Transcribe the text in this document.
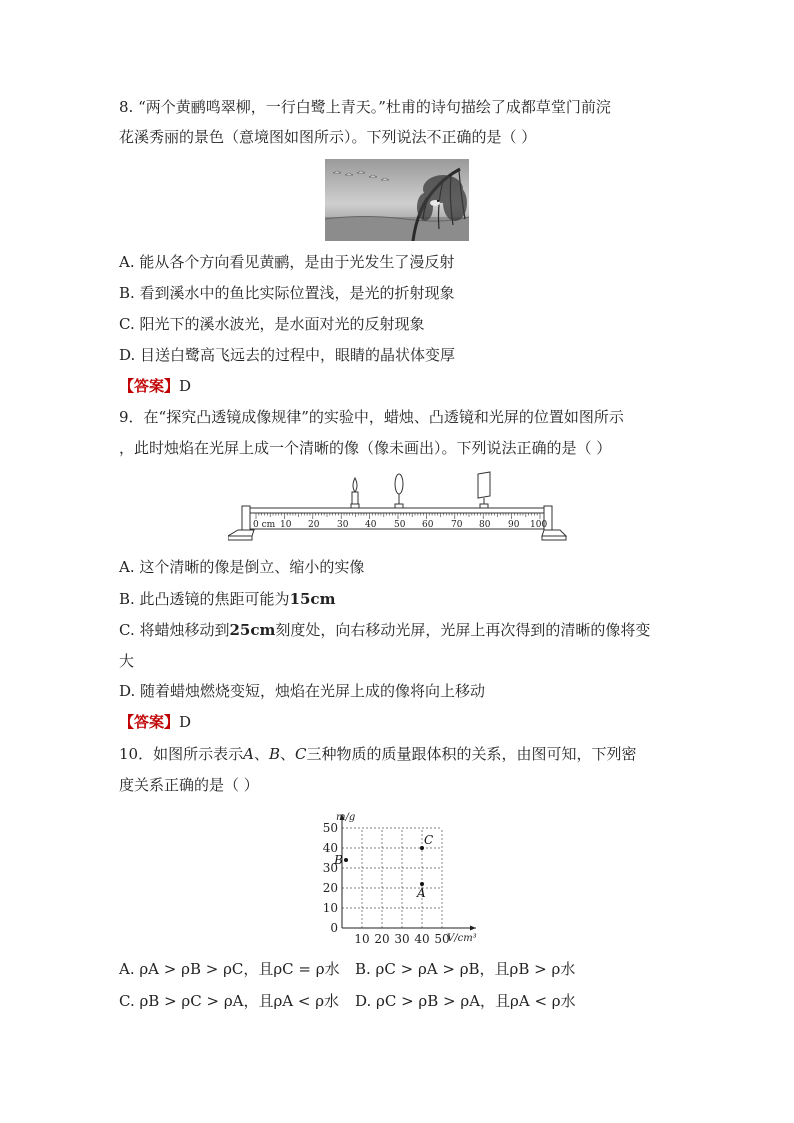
8. “两个黄鹂鸣翠柳，一行白鹭上青天。”杜甫的诗句描绘了成都草堂门前浣
花溪秀丽的景色（意境图如图所示）。下列说法不正确的是（ ）
A. 能从各个方向看见黄鹂，是由于光发生了漫反射
B. 看到溪水中的鱼比实际位置浅，是光的折射现象
C. 阳光下的溪水波光，是水面对光的反射现象
D. 目送白鹭高飞远去的过程中，眼睛的晶状体变厚
【答案】D
9．在“探究凸透镜成像规律”的实验中，蜡烛、凸透镜和光屏的位置如图所示
，此时烛焰在光屏上成一个清晰的像（像未画出）。下列说法正确的是（ ）
0 cm 10 20 30 40 50 60 70 80 90 100
A. 这个清晰的像是倒立、缩小的实像
B. 此凸透镜的焦距可能为15cm
C. 将蜡烛移动到25cm刻度处，向右移动光屏，光屏上再次得到的清晰的像将变
大
D. 随着蜡烛燃烧变短，烛焰在光屏上成的像将向上移动
【答案】D
10．如图所示表示A、B、C三种物质的质量跟体积的关系，由图可知，下列密
度关系正确的是（ ）
0
10
20
30
40
50
10 20 30 40 50
A
B
C
m/g
V/cm³
A. ρA > ρB > ρC，且ρC = ρ水 B. ρC > ρA > ρB，且ρB > ρ水
C. ρB > ρC > ρA，且ρA < ρ水 D. ρC > ρB > ρA，且ρA < ρ水
